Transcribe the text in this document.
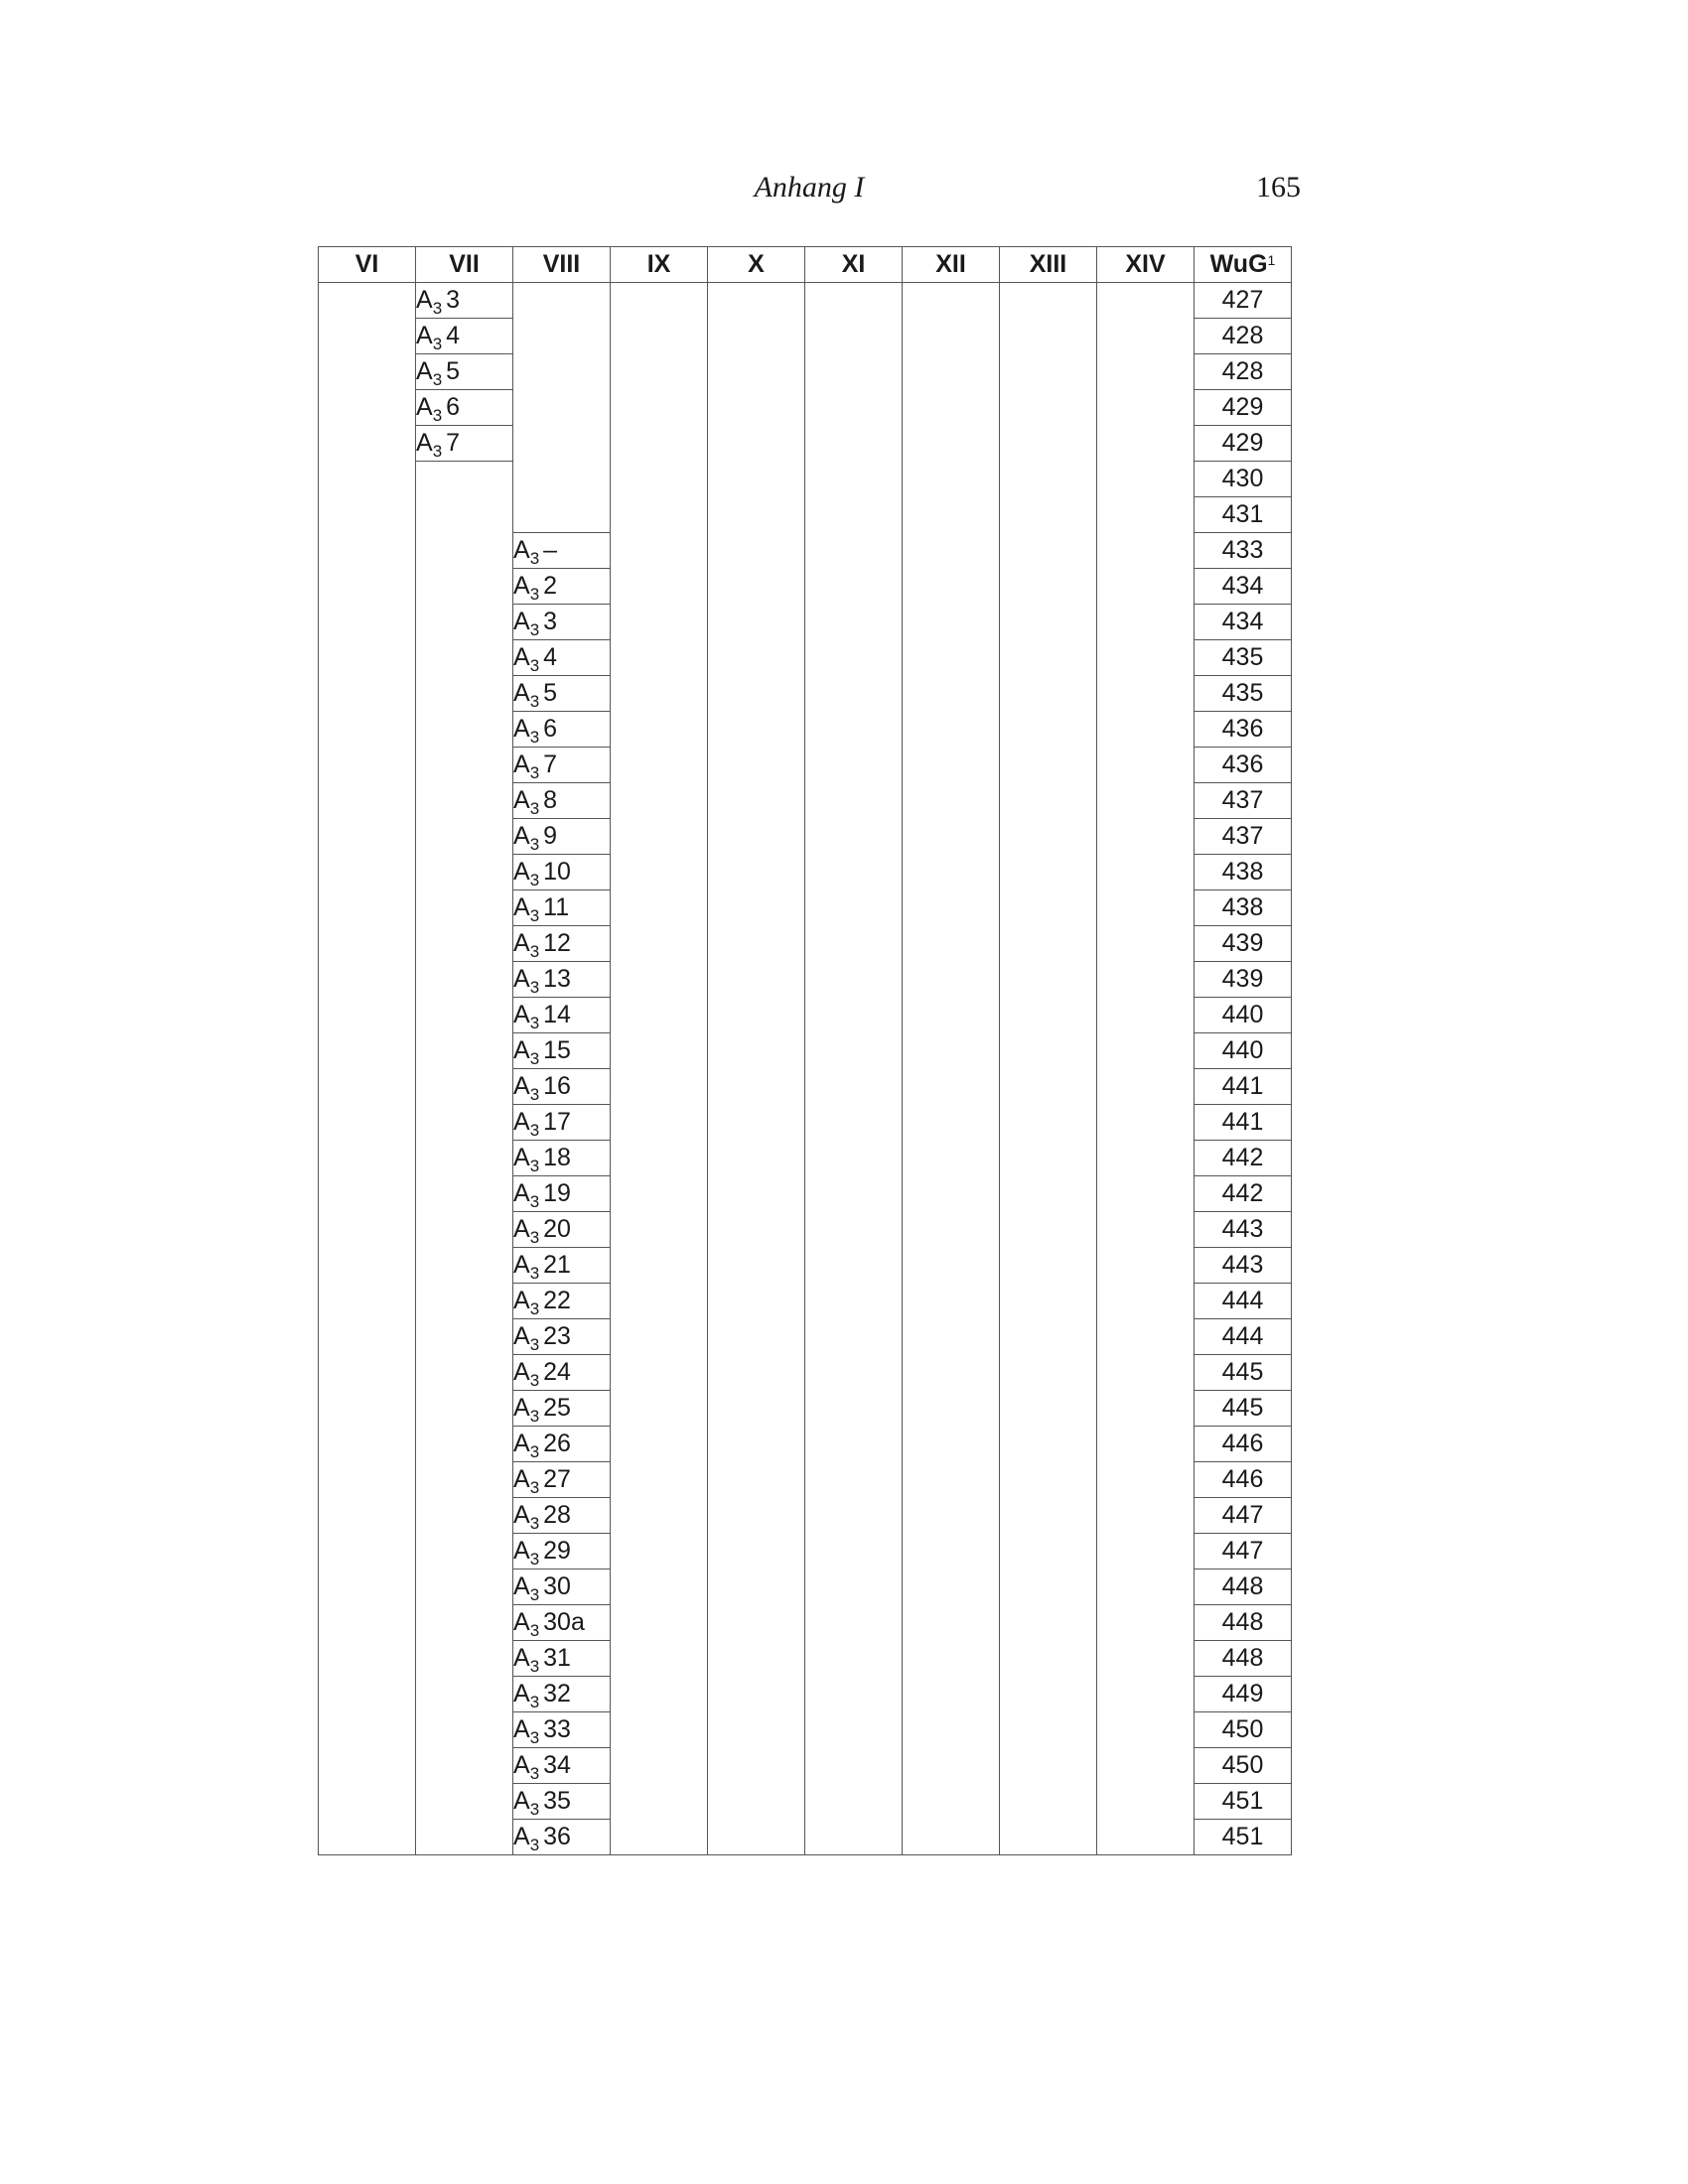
Anhang I	165
VI	VII	VIII	IX	X	XI	XII	XIII	XIV	WuG$^1$
	$A_3$ 3								427
	$A_3$ 4								428
	$A_3$ 5								428
	$A_3$ 6								429
	$A_3$ 7								429
									430
									431
		$A_3$ –							433
		$A_3$ 2							434
		$A_3$ 3							434
		$A_3$ 4							435
		$A_3$ 5							435
		$A_3$ 6							436
		$A_3$ 7							436
		$A_3$ 8							437
		$A_3$ 9							437
		$A_3$ 10							438
		$A_3$ 11							438
		$A_3$ 12							439
		$A_3$ 13							439
		$A_3$ 14							440
		$A_3$ 15							440
		$A_3$ 16							441
		$A_3$ 17							441
		$A_3$ 18							442
		$A_3$ 19							442
		$A_3$ 20							443
		$A_3$ 21							443
		$A_3$ 22							444
		$A_3$ 23							444
		$A_3$ 24							445
		$A_3$ 25							445
		$A_3$ 26							446
		$A_3$ 27							446
		$A_3$ 28							447
		$A_3$ 29							447
		$A_3$ 30							448
		$A_3$ 30a							448
		$A_3$ 31							448
		$A_3$ 32							449
		$A_3$ 33							450
		$A_3$ 34							450
		$A_3$ 35							451
		$A_3$ 36							451
